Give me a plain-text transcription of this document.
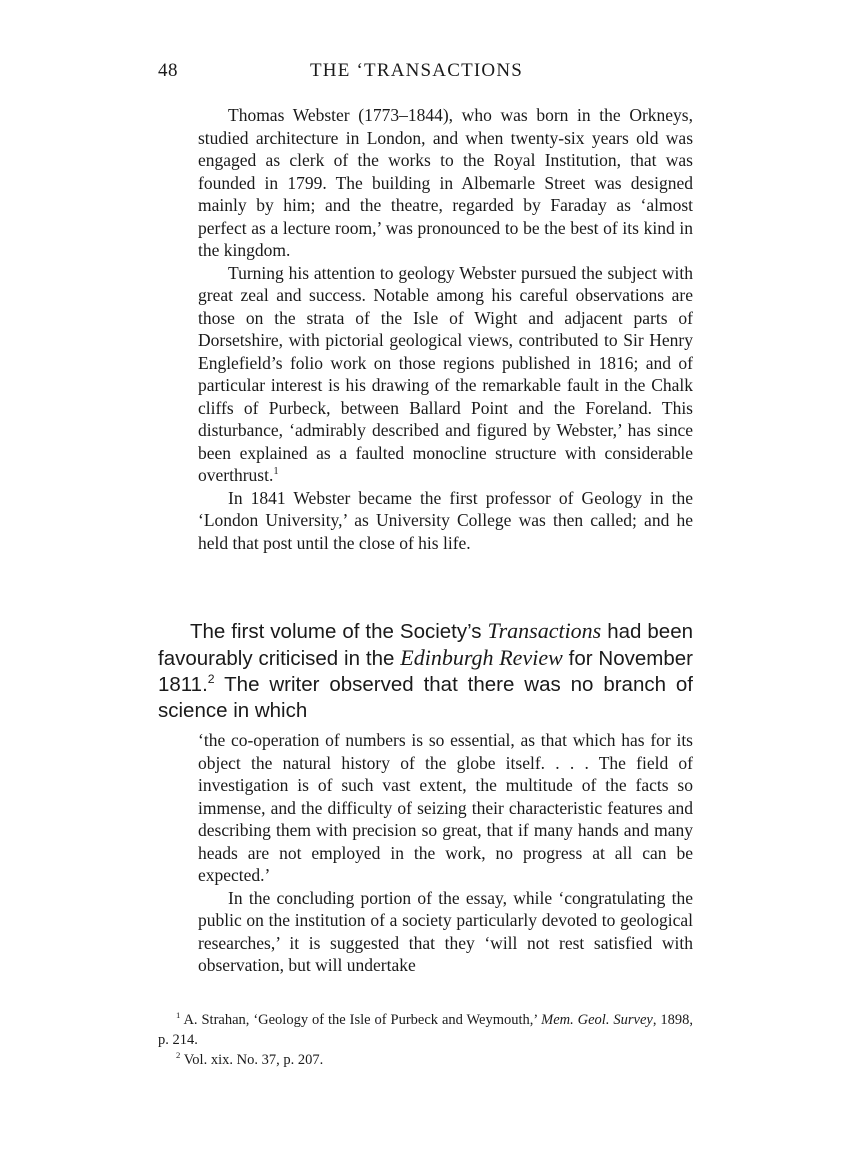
48	THE ‘TRANSACTIONS

Thomas Webster (1773–1844), who was born in the Orkneys, studied architecture in London, and when twenty-six years old was engaged as clerk of the works to the Royal Institution, that was founded in 1799. The building in Albemarle Street was designed mainly by him; and the theatre, regarded by Faraday as ‘almost perfect as a lecture room,’ was pronounced to be the best of its kind in the kingdom.

Turning his attention to geology Webster pursued the subject with great zeal and success. Notable among his careful observations are those on the strata of the Isle of Wight and adjacent parts of Dorsetshire, with pictorial geological views, contributed to Sir Henry Englefield’s folio work on those regions published in 1816; and of particular interest is his drawing of the remarkable fault in the Chalk cliffs of Purbeck, between Ballard Point and the Foreland. This disturbance, ‘admirably described and figured by Webster,’ has since been explained as a faulted monocline structure with considerable overthrust.$^1$

In 1841 Webster became the first professor of Geology in the ‘London University,’ as University College was then called; and he held that post until the close of his life.

The first volume of the Society’s Transactions had been favourably criticised in the Edinburgh Review for November 1811.$^2$ The writer observed that there was no branch of science in which

‘the co-operation of numbers is so essential, as that which has for its object the natural history of the globe itself. . . . The field of investigation is of such vast extent, the multitude of the facts so immense, and the difficulty of seizing their characteristic features and describing them with precision so great, that if many hands and many heads are not employed in the work, no progress at all can be expected.’

In the concluding portion of the essay, while ‘congratulating the public on the institution of a society particularly devoted to geological researches,’ it is suggested that they ‘will not rest satisfied with observation, but will undertake

$^1$ A. Strahan, ‘Geology of the Isle of Purbeck and Weymouth,’ Mem. Geol. Survey, 1898, p. 214.

$^2$ Vol. xix. No. 37, p. 207.
